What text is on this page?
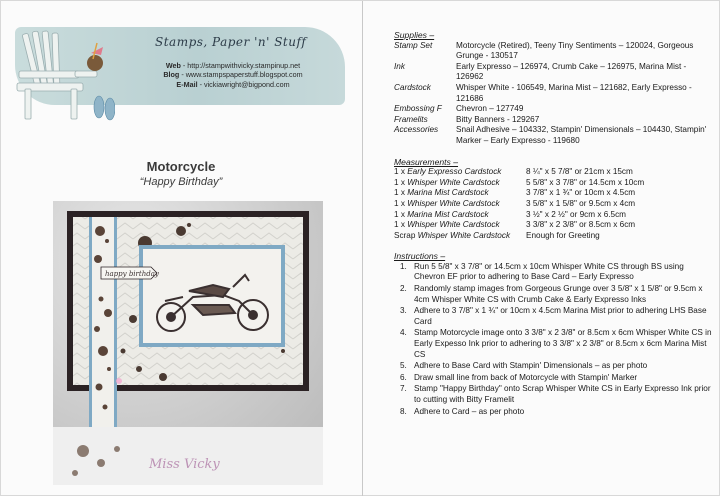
Stamps, Paper 'n' Stuff
Web - http://stampwithvicky.stampinup.net
Blog - www.stampspaperstuff.blogspot.com
E-Mail - vickiawright@bigpond.com
Motorcycle
“Happy Birthday”
happy birthday
Miss Vicky
Supplies –
Stamp Set	Motorcycle (Retired), Teeny Tiny Sentiments – 120024, Gorgeous Grunge - 130517
Ink	Early Expresso – 126974, Crumb Cake – 126975, Marina Mist - 126962
Cardstock	Whisper White - 106549, Marina Mist – 121682, Early Expresso - 121686
Embossing F	Chevron – 127749
Framelits	Bitty Banners - 129267
Accessories	Snail Adhesive – 104332, Stampin' Dimensionals – 104430, Stampin' Marker – Early Expresso - 119680
Measurements –
1 x Early Expresso Cardstock	8 ¼" x 5 7/8" or 21cm x 15cm
1 x Whisper White Cardstock	5 5/8" x 3 7/8" or 14.5cm x 10cm
1 x Marina Mist Cardstock	3 7/8" x 1 ¾" or 10cm x 4.5cm
1 x Whisper White Cardstock	3 5/8" x 1 5/8" or 9.5cm x 4cm
1 x Marina Mist Cardstock	3 ½" x 2 ½" or 9cm x 6.5cm
1 x Whisper White Cardstock	3 3/8" x 2 3/8" or 8.5cm x 6cm
Scrap Whisper White Cardstock	Enough for Greeting
Instructions –
1. Run 5 5/8" x 3 7/8" or 14.5cm x 10cm Whisper White CS through BS using Chevron EF prior to adhering to Base Card – Early Expresso
2. Randomly stamp images from Gorgeous Grunge over 3 5/8" x 1 5/8" or 9.5cm x 4cm Whisper White CS with Crumb Cake & Early Expresso Inks
3. Adhere to 3 7/8" x 1 ¾" or 10cm x 4.5cm Marina Mist prior to adhering LHS Base Card
4. Stamp Motorcycle image onto 3 3/8" x 2 3/8" or 8.5cm x 6cm Whisper White CS in Early Expesso Ink prior to adhering to 3 3/8" x 2 3/8" or 8.5cm x 6cm Marina Mist CS
5. Adhere to Base Card with Stampin' Dimensionals – as per photo
6. Draw small line from back of Motorcycle with Stampin' Marker
7. Stamp "Happy Birthday" onto Scrap Whisper White CS in Early Expresso Ink prior to cutting with Bitty Framelit
8. Adhere to Card – as per photo
